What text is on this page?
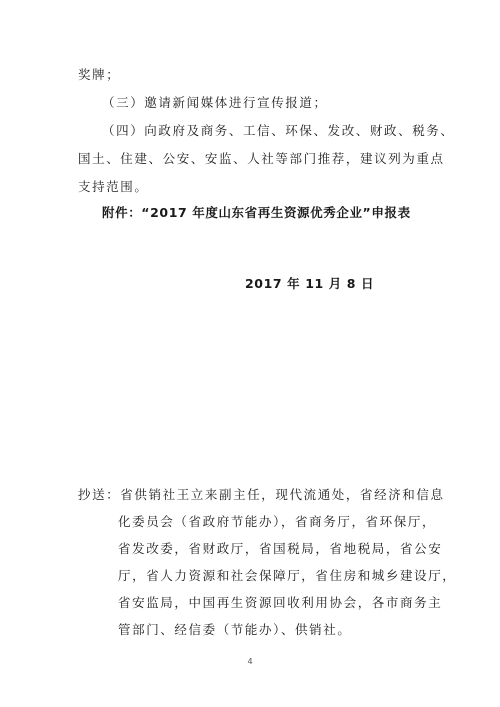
奖牌；
（三）邀请新闻媒体进行宣传报道；
（四）向政府及商务、工信、环保、发改、财政、税务、
国土、住建、公安、安监、人社等部门推荐，建议列为重点
支持范围。
附件：“2017 年度山东省再生资源优秀企业”申报表
2017 年 11 月 8 日
抄送：省供销社王立来副主任，现代流通处，省经济和信息
化委员会（省政府节能办），省商务厅，省环保厅，
省发改委，省财政厅，省国税局，省地税局，省公安
厅，省人力资源和社会保障厅，省住房和城乡建设厅，
省安监局，中国再生资源回收利用协会，各市商务主
管部门、经信委（节能办）、供销社。
4
